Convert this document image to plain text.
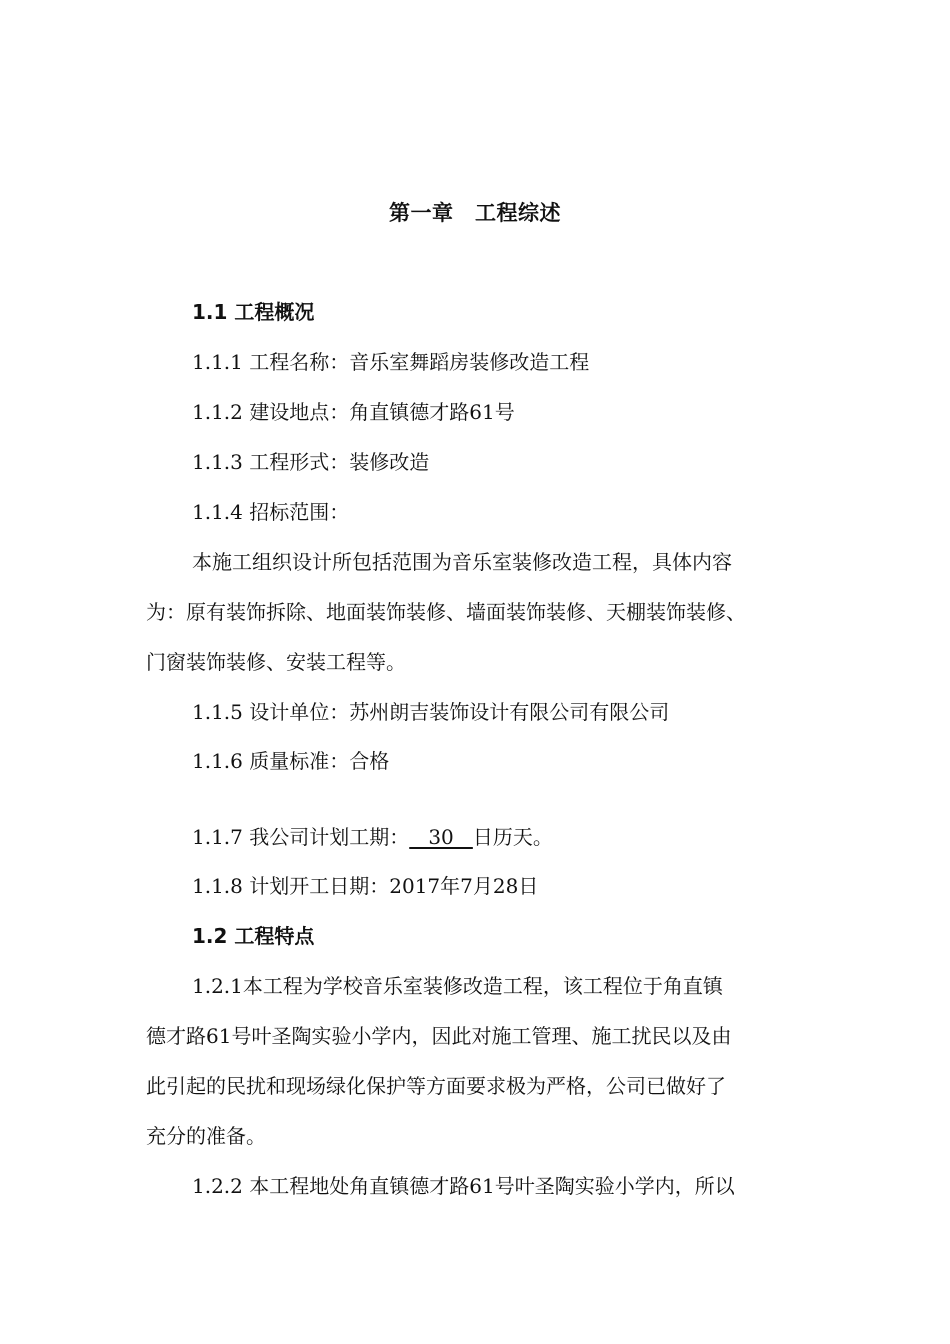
第一章　工程综述
1.1 工程概况
1.1.1 工程名称：音乐室舞蹈房装修改造工程
1.1.2 建设地点：角直镇德才路61号
1.1.3 工程形式：装修改造
1.1.4 招标范围：
本施工组织设计所包括范围为音乐室装修改造工程，具体内容
为：原有装饰拆除、地面装饰装修、墙面装饰装修、天棚装饰装修、
门窗装饰装修、安装工程等。
1.1.5 设计单位：苏州朗吉装饰设计有限公司有限公司
1.1.6 质量标准：合格
1.1.7 我公司计划工期：   30   日历天。
1.1.8 计划开工日期：2017年7月28日
1.2 工程特点
1.2.1本工程为学校音乐室装修改造工程，该工程位于角直镇
德才路61号叶圣陶实验小学内，因此对施工管理、施工扰民以及由
此引起的民扰和现场绿化保护等方面要求极为严格，公司已做好了
充分的准备。
1.2.2 本工程地处角直镇德才路61号叶圣陶实验小学内，所以
